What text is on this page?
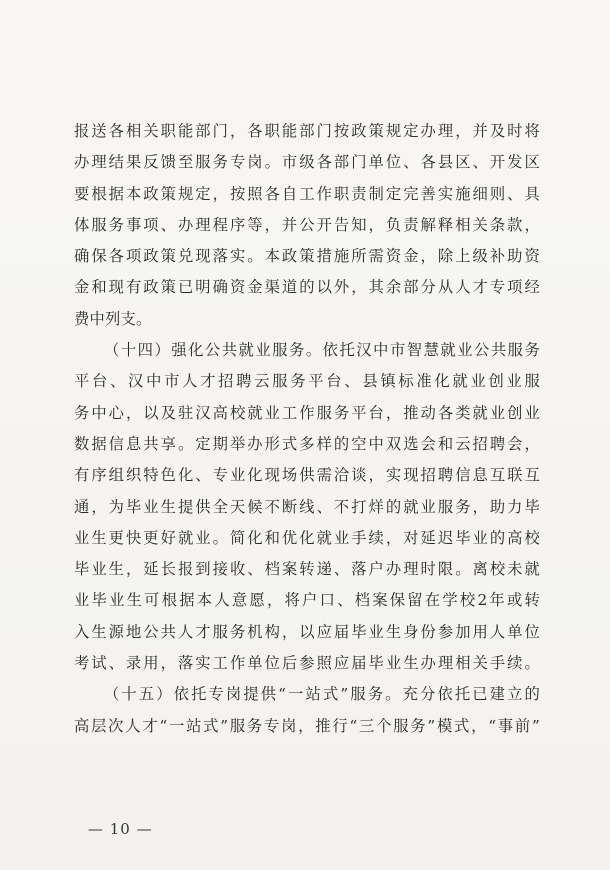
报送各相关职能部门，各职能部门按政策规定办理，并及时将
办理结果反馈至服务专岗。市级各部门单位、各县区、开发区
要根据本政策规定，按照各自工作职责制定完善实施细则、具
体服务事项、办理程序等，并公开告知，负责解释相关条款，
确保各项政策兑现落实。本政策措施所需资金，除上级补助资
金和现有政策已明确资金渠道的以外，其余部分从人才专项经
费中列支。
（十四）强化公共就业服务。依托汉中市智慧就业公共服务
平台、汉中市人才招聘云服务平台、县镇标准化就业创业服
务中心，以及驻汉高校就业工作服务平台，推动各类就业创业
数据信息共享。定期举办形式多样的空中双选会和云招聘会，
有序组织特色化、专业化现场供需洽谈，实现招聘信息互联互
通，为毕业生提供全天候不断线、不打烊的就业服务，助力毕
业生更快更好就业。简化和优化就业手续，对延迟毕业的高校
毕业生，延长报到接收、档案转递、落户办理时限。离校未就
业毕业生可根据本人意愿，将户口、档案保留在学校2年或转
入生源地公共人才服务机构，以应届毕业生身份参加用人单位
考试、录用，落实工作单位后参照应届毕业生办理相关手续。
（十五）依托专岗提供“一站式”服务。充分依托已建立的
高层次人才“一站式”服务专岗，推行“三个服务”模式，“事前”
— 10 —
